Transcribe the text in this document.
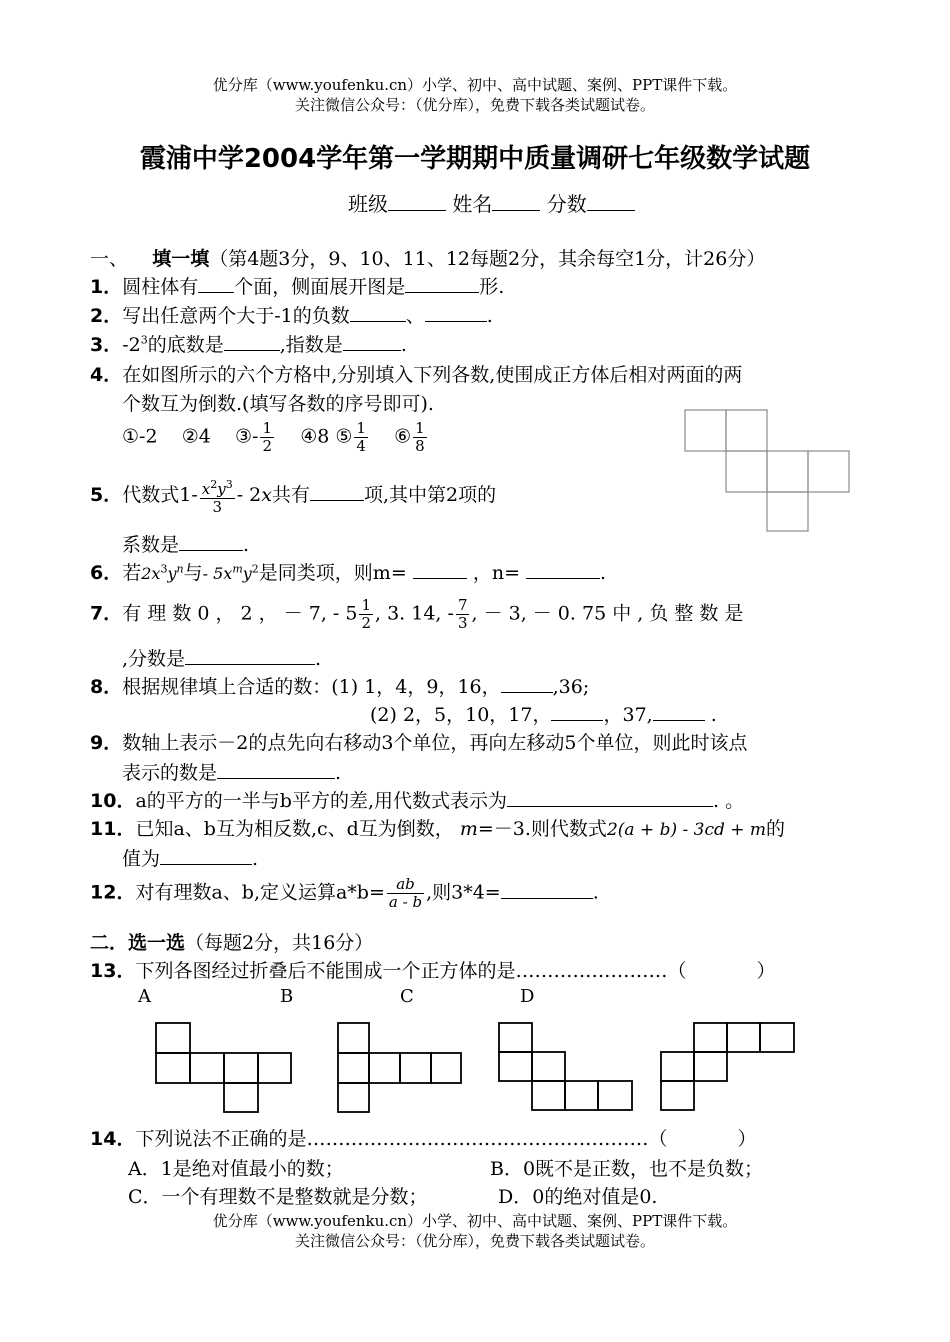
优分库（www.youfenku.cn）小学、初中、高中试题、案例、PPT课件下载。
关注微信公众号：（优分库），免费下载各类试题试卷。
霞浦中学2004学年第一学期期中质量调研七年级数学试题
班级	姓名	分数
一、 填一填（第4题3分，9、10、11、12每题2分，其余每空1分，计26分）
1．圆柱体有 个面，侧面展开图是	形.
2．写出任意两个大于-1的负数	、	.
3．$-2^3$的底数是	,指数是	.
4．在如图所示的六个方格中,分别填入下列各数,使围成正方体后相对两面的两
个数互为倒数.(填写各数的序号即可).
①-2 ②4 ③- $\frac{1}{2}$ ④8 ⑤ $\frac{1}{4}$ ⑥ $\frac{1}{8}$
5．代数式$1- \frac{x^2y^3}{3} - 2x$共有	项,其中第2项的
系数是	.
6．若$2x^3y^n$与- $5x^my^2$是同类项，则m=	，n=	.
7．有 理 数 0 ， 2 ， － 7, - $5 \frac{1}{2}$ , 3. 14, - $\frac{7}{3}$ , － 3, － 0. 75 中 , 负 整 数 是
,分数是	.
8．根据规律填上合适的数：(1) 1，4，9，16，	,36;
(2) 2，5，10，17，	，37,	.
9．数轴上表示－2的点先向右移动3个单位，再向左移动5个单位，则此时该点
表示的数是	.
10．a的平方的一半与b平方的差,用代数式表示为	. 。
11．已知a、b互为相反数,c、d互为倒数， m=－3.则代数式2(a + b) - 3cd + m的
值为	.
12．对有理数a、b,定义运算$a*b= \frac{ab}{a - b}$ ,则3*4=	.
二．选一选（每题2分，共16分）
13．下列各图经过折叠后不能围成一个正方体的是……………………（	）
A	B	C	D
14．下列说法不正确的是………………………………………………（	）
A．1是绝对值最小的数；	B．0既不是正数，也不是负数；
C．一个有理数不是整数就是分数；	D．0的绝对值是0.
优分库（www.youfenku.cn）小学、初中、高中试题、案例、PPT课件下载。
关注微信公众号：（优分库），免费下载各类试题试卷。
